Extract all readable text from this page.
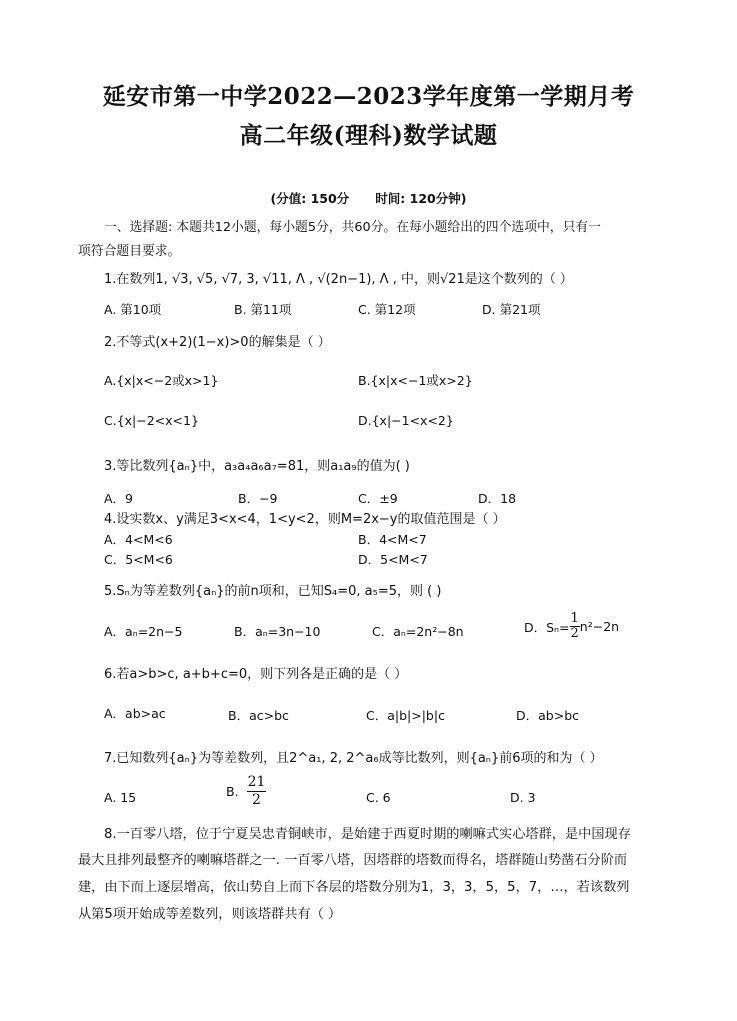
延安市第一中学2022—2023学年度第一学期月考
高二年级(理科)数学试题
(分值: 150分      时间: 120分钟)
一、选择题: 本题共12小题，每小题5分，共60分。在每小题给出的四个选项中，只有一
项符合题目要求。
1.在数列1, √3, √5, √7, 3, √11, Λ , √(2n−1), Λ , 中，则√21是这个数列的（ ）
A. 第10项	B. 第11项	C. 第12项	D. 第21项
2.不等式(x+2)(1−x)>0的解集是（ ）
A.{x|x<−2或x>1}	B.{x|x<−1或x>2}
C.{x|−2<x<1}	D.{x|−1<x<2}
3.等比数列{aₙ}中，a₃a₄a₆a₇=81，则a₁a₉的值为( )
A．9	B．−9	C．±9	D．18
4.设实数x、y满足3<x<4，1<y<2，则M=2x−y的取值范围是（ ）
A．4<M<6	B．4<M<7
C．5<M<6	D．5<M<7
5.Sₙ为等差数列{aₙ}的前n项和，已知S₄=0, a₅=5，则 ( )
A．aₙ=2n−5	B．aₙ=3n−10	C．aₙ=2n²−8n	D．$S_n= \frac{1}{2} n^2-2n$
6.若a>b>c, a+b+c=0，则下列各是正确的是（ ）
A．ab>ac	B．ac>bc	C．a|b|>|b|c	D．ab>bc
7.已知数列{aₙ}为等差数列，且2^a₁, 2, 2^a₆成等比数列，则{aₙ}前6项的和为（ ）
A. 15	B. $\frac{21}{2}$	C. 6	D. 3
8.一百零八塔，位于宁夏吴忠青铜峡市，是始建于西夏时期的喇嘛式实心塔群，是中国现存
最大且排列最整齐的喇嘛塔群之一. 一百零八塔，因塔群的塔数而得名，塔群随山势凿石分阶而
建，由下而上逐层增高，依山势自上而下各层的塔数分别为1，3，3，5，5，7，…，若该数列
从第5项开始成等差数列，则该塔群共有（ ）
